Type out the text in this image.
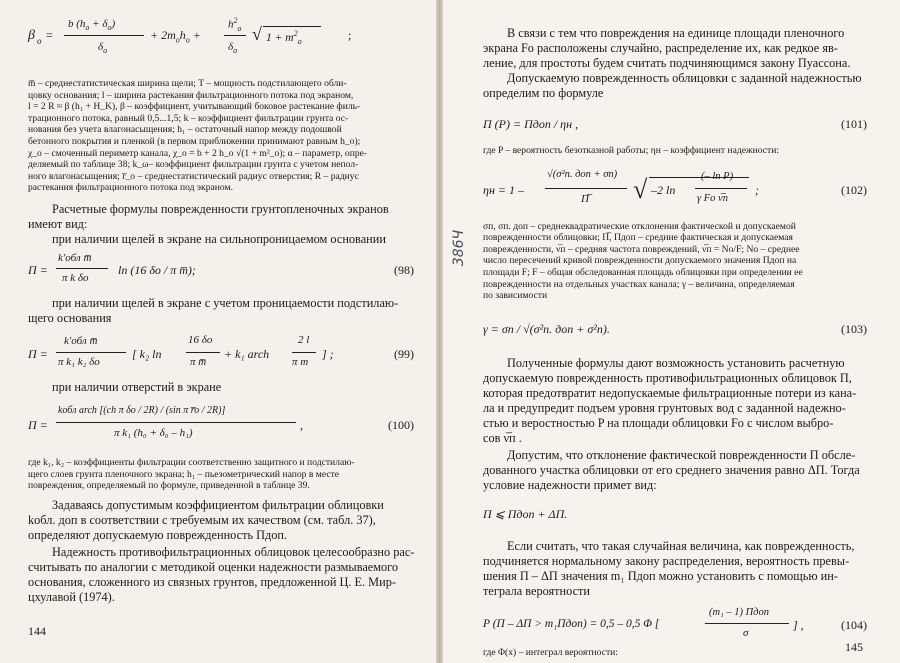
β o =
b $(h_o + \delta_o)$
$\delta_o$
+ $2m_oh_o$ +
$h^2_o$
$\delta_o$
√ $1 + m^2_o$	;

m̅ – среднестатистическая ширина щели; T – мощность подстилающего обли-

цовку основания; l – ширина растекания фильтрационного потока под экраном,

l = 2 R ≈ β (h₁ + H_K), β – коэффициент, учитывающий боковое растекание филь-

трационного потока, равный 0,5...1,5; k – коэффициент фильтрации грунта ос-

нования без учета влагонасыщения; h₁ – остаточный напор между подошвой

бетонного покрытия и пленкой (в первом приближении принимают равным h_o);

χ_o – смоченный периметр канала, χ_o = b + 2 h_o √(1 + m²_o); α – параметр, опре-

деляемый по таблице 38; k_ω– коэффициент фильтрации грунта с учетом непол-

ного влагонасыщения; r̅_o – среднестатистический радиус отверстия; R – радиус

растекания фильтрационного потока под экраном.

Расчетные формулы поврежденности грунтопленочных экранов

имеют вид:

при наличии щелей в экране на сильнопроницаемом основании

П =
k′обл m̅
π k δo
ln (16 δo / π m̅);	(98)

при наличии щелей в экране с учетом проницаемости подстилаю-

щего основания

П =
k′обл m̅
π k₁ k₂ δo
[ k₂ ln
16 δo
π m̅
+ k₁ arch
2 l
π m
] ;	(99)

при наличии отверстий в экране

П =
kобл arch [(ch π δo / 2R) / (sin π r̅o / 2R)]
π k₁ (h₀ + δ₀ – h₁)
,	(100)

где k₁, k₂ – коэффициенты фильтрации соответственно защитного и подстилаю-

щего слоев грунта пленочного экрана; h₁ – пьезометрический напор в месте

повреждения, определяемый по формуле, приведенной в таблице 39.

Задаваясь допустимым коэффициентом фильтрации облицовки

kобл. доп в соответствии с требуемым их качеством (см. табл. 37),

определяют допускаемую поврежденность Пдоп.

Надежность противофильтрационных облицовок целесообразно рас-

считывать по аналогии с методикой оценки надежности размываемого

основания, сложенного из связных грунтов, предложенной Ц. Е. Мир-

цхулавой (1974).

144
386Ч

В связи с тем что повреждения на единице площади пленочного

экрана Fo расположены случайно, распределение их, как редкое яв-

ление, для простоты будем считать подчиняющимся закону Пуассона.

Допускаемую поврежденность облицовки с заданной надежностью

определим по формуле

П (P) = Пдоп / ηн ,	(101)

где P – вероятность безотказной работы; ηн – коэффициент надежности:

ηн = 1 –
√(σ²п. доп + σп)
П̅ √ –2 ln
(– ln P)
γ Fo ν̅п
;	(102)

σп, σп. доп – среднеквадратические отклонения фактической и допускаемой

поврежденности облицовки; П̅, Пдоп – средние фактическая и допускаемая

поврежденности, ν̅п – средняя частота повреждений, ν̅п = Nо/F; Nо – среднее

число пересечений кривой поврежденности допускаемого значения Пдоп на

площади F; F – общая обследованная площадь облицовки при определении ее

поврежденности на отдельных участках канала; γ – величина, определяемая

по зависимости

γ = σп / √(σ²п. доп + σ²п).	(103)

Полученные формулы дают возможность установить расчетную

допускаемую поврежденность противофильтрационных облицовок П,

которая предотвратит недопускаемые фильтрационные потери из кана-

ла и предупредит подъем уровня грунтовых вод с заданной надежно-

стью и веростностью P на площади облицовки Fo с числом выбро-

сов ν̅п .

Допустим, что отклонение фактической поврежденности П обсле-

дованного участка облицовки от его среднего значения равно ΔП. Тогда

условие надежности примет вид:

П ⩽ Пдоп + ΔП.

Если считать, что такая случайная величина, как поврежденность,

подчиняется нормальному закону распределения, вероятность превы-

шения П – ΔП значения m₁ Пдоп можно установить с помощью ин-

теграла вероятности

P (П – ΔП > m₁Пдоп) = 0,5 – 0,5 Φ [
(m₁ – 1) Пдоп
σ
] ,	(104)

где Φ(x) – интеграл вероятности:	145
